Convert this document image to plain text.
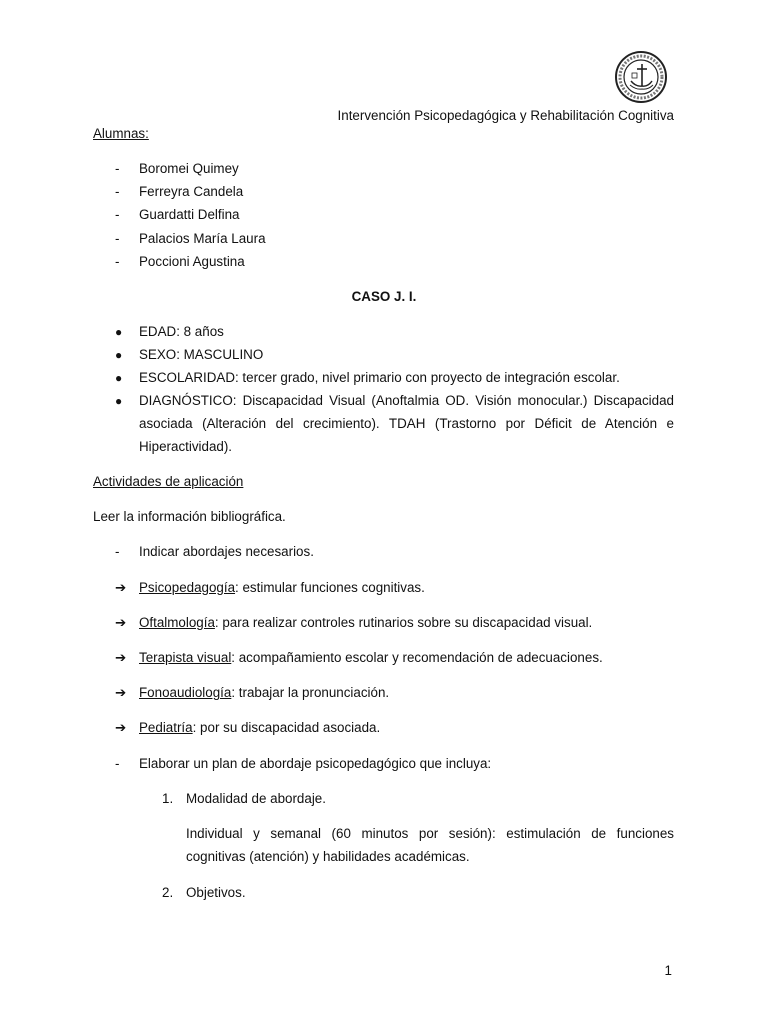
Intervención Psicopedagógica y Rehabilitación Cognitiva
Alumnas:
- Boromei Quimey
- Ferreyra Candela
- Guardatti Delfina
- Palacios María Laura
- Poccioni Agustina
CASO J. I.
● EDAD: 8 años
● SEXO: MASCULINO
● ESCOLARIDAD: tercer grado, nivel primario con proyecto de integración escolar.
●	DIAGNÓSTICO: Discapacidad Visual (Anoftalmia OD. Visión monocular.) Discapacidad asociada (Alteración del crecimiento). TDAH (Trastorno por Déficit de Atención e Hiperactividad).
Actividades de aplicación
Leer la información bibliográfica.
- Indicar abordajes necesarios.
➔ Psicopedagogía: estimular funciones cognitivas.
➔ Oftalmología: para realizar controles rutinarios sobre su discapacidad visual.
➔ Terapista visual: acompañamiento escolar y recomendación de adecuaciones.
➔ Fonoaudiología: trabajar la pronunciación.
➔ Pediatría: por su discapacidad asociada.
- Elaborar un plan de abordaje psicopedagógico que incluya:
1. Modalidad de abordaje.
Individual y semanal (60 minutos por sesión): estimulación de funciones cognitivas (atención) y habilidades académicas.
2. Objetivos.
1
